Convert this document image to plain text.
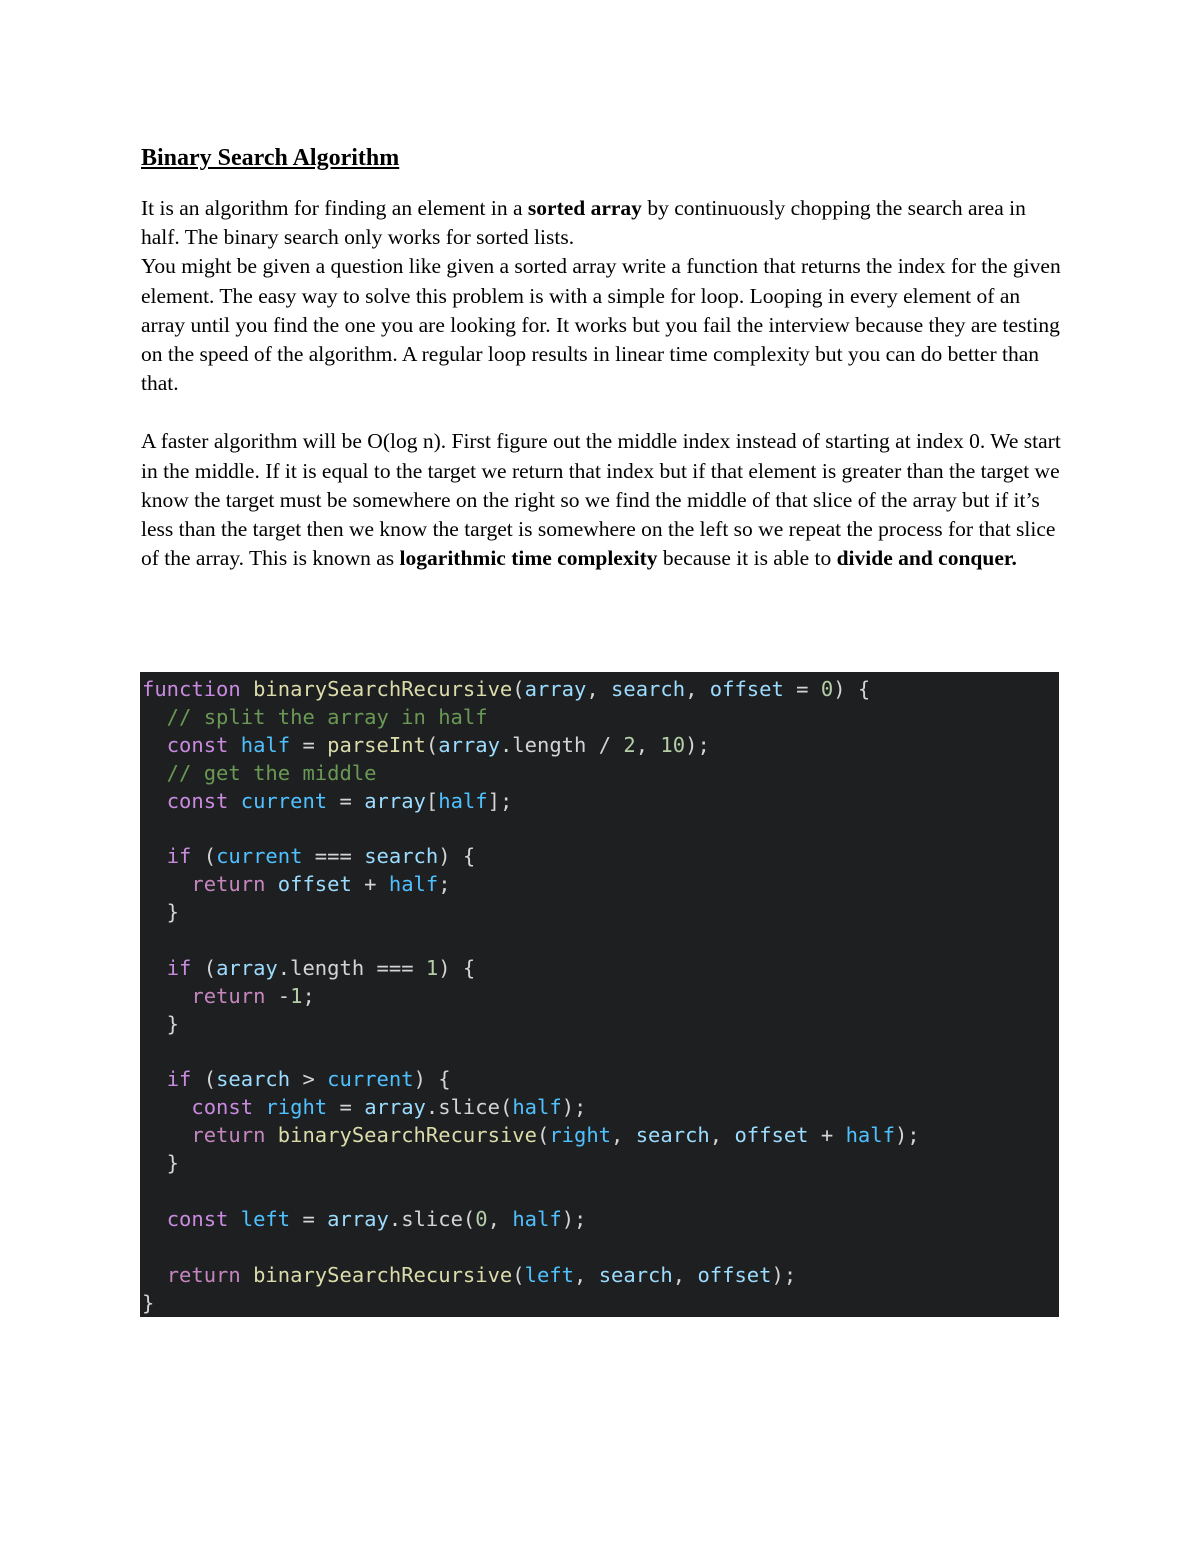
Binary Search Algorithm

It is an algorithm for finding an element in a sorted array by continuously chopping the search area in half. The binary search only works for sorted lists.

You might be given a question like given a sorted array write a function that returns the index for the given element. The easy way to solve this problem is with a simple for loop. Looping in every element of an array until you find the one you are looking for. It works but you fail the interview because they are testing on the speed of the algorithm. A regular loop results in linear time complexity but you can do better than that.

A faster algorithm will be O(log n). First figure out the middle index instead of starting at index 0. We start in the middle. If it is equal to the target we return that index but if that element is greater than the target we know the target must be somewhere on the right so we find the middle of that slice of the array but if it’s less than the target then we know the target is somewhere on the left so we repeat the process for that slice of the array. This is known as logarithmic time complexity because it is able to divide and conquer.

function binarySearchRecursive(array, search, offset = 0) {
// split the array in half
const half = parseInt(array.length / 2, 10);
// get the middle
const current = array[half];
if (current === search) {
return offset + half;
}
if (array.length === 1) {
return -1;
}
if (search > current) {
const right = array.slice(half);
return binarySearchRecursive(right, search, offset + half);
}
const left = array.slice(0, half);
return binarySearchRecursive(left, search, offset);
}
